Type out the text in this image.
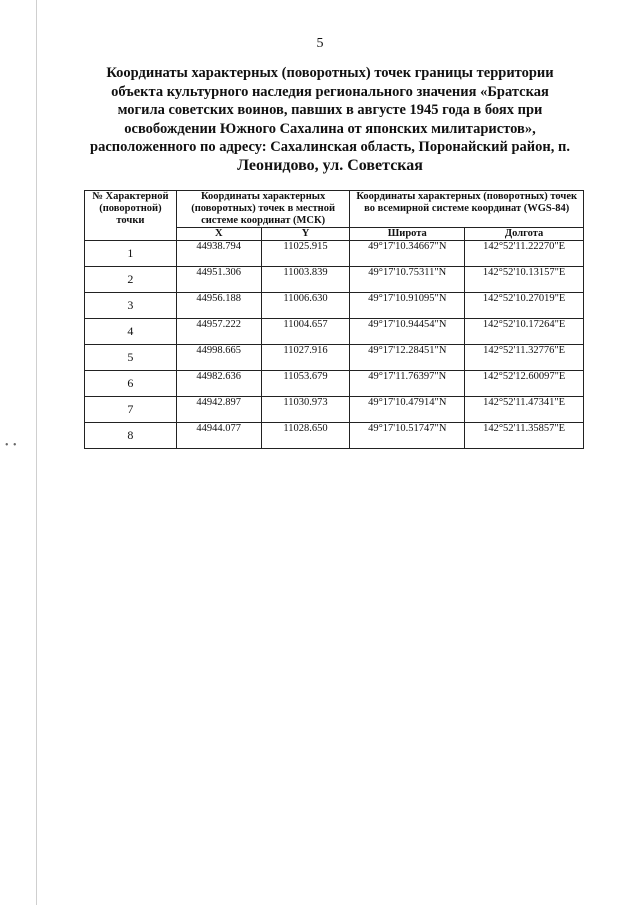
• •
5
Координаты характерных (поворотных) точек границы территории
объекта культурного наследия регионального значения «Братская
могила советских воинов, павших в августе 1945 года в боях при
освобождении Южного Сахалина от японских милитаристов»,
расположенного по адресу: Сахалинская область, Поронайский район, п.
Леонидово, ул. Советская
№ Характерной (поворотной) точки	Координаты характерных (поворотных) точек в местной системе координат (МСК)		Координаты характерных (поворотных) точек во всемирной системе координат (WGS-84)	
	X	Y	Широта	Долгота
1	44938.794	11025.915	49°17'10.34667"N	142°52'11.22270"E
2	44951.306	11003.839	49°17'10.75311"N	142°52'10.13157"E
3	44956.188	11006.630	49°17'10.91095"N	142°52'10.27019"E
4	44957.222	11004.657	49°17'10.94454"N	142°52'10.17264"E
5	44998.665	11027.916	49°17'12.28451"N	142°52'11.32776"E
6	44982.636	11053.679	49°17'11.76397"N	142°52'12.60097"E
7	44942.897	11030.973	49°17'10.47914"N	142°52'11.47341"E
8	44944.077	11028.650	49°17'10.51747"N	142°52'11.35857"E
